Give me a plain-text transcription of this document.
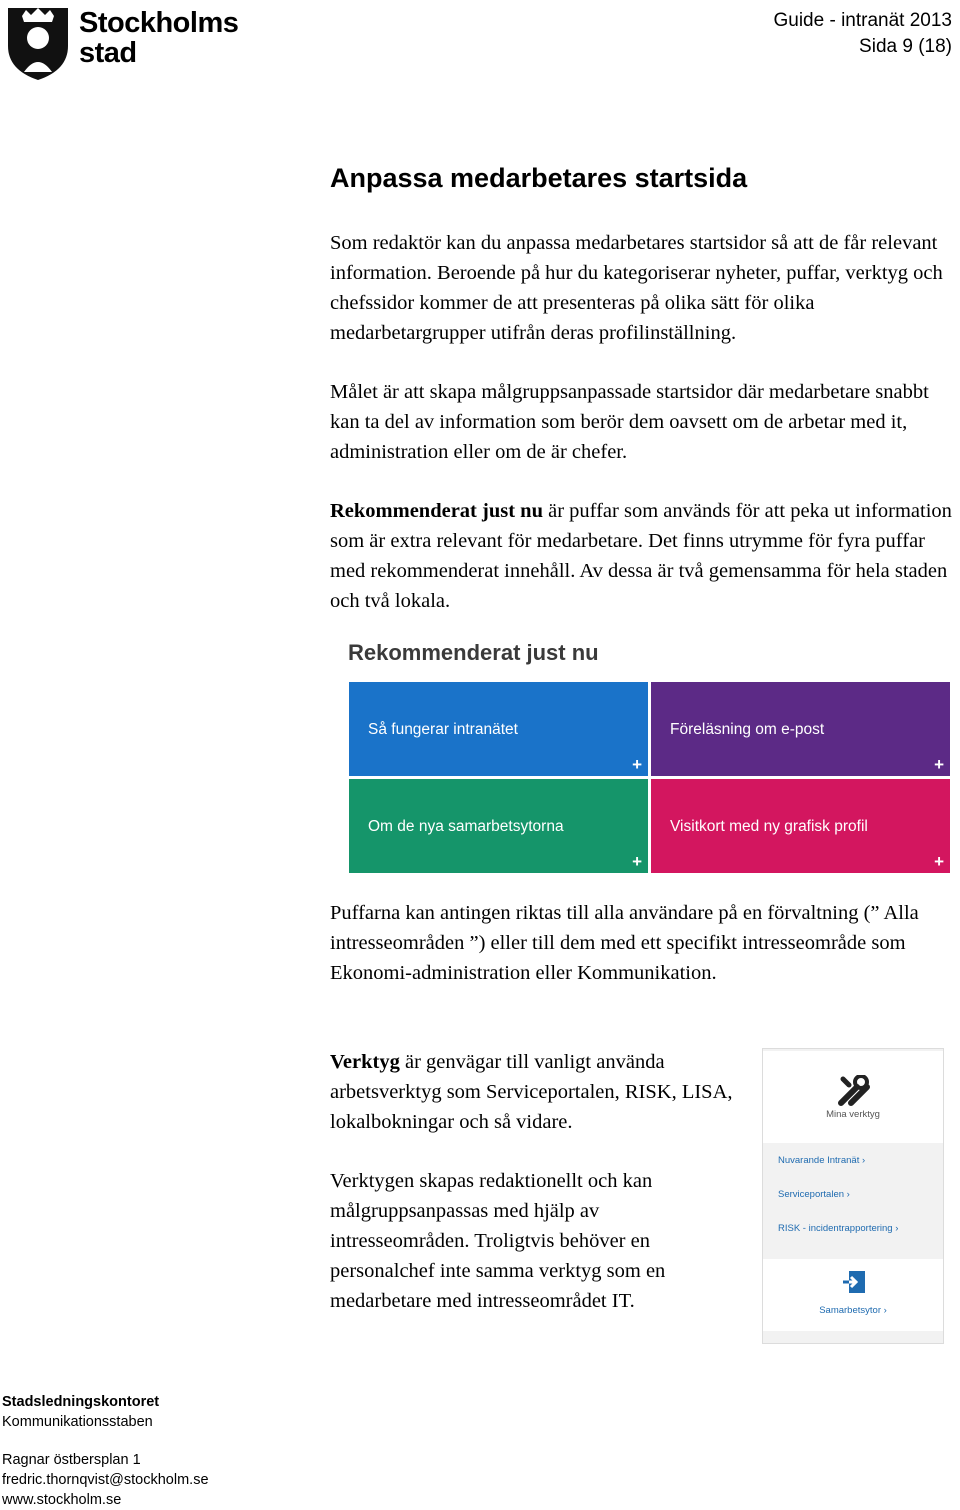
Stockholms
stad
Guide - intranät 2013
Sida 9 (18)
Anpassa medarbetares startsida
Som redaktör kan du anpassa medarbetares startsidor så att de får relevant information. Beroende på hur du kategoriserar nyheter, puffar, verktyg och chefssidor kommer de att presenteras på olika sätt för olika medarbetargrupper utifrån deras profilinställning.
Målet är att skapa målgruppsanpassade startsidor där medarbetare snabbt kan ta del av information som berör dem oavsett om de arbetar med it, administration eller om de är chefer.
Rekommenderat just nu är puffar som används för att peka ut information som är extra relevant för medarbetare. Det finns utrymme för fyra puffar med rekommenderat innehåll. Av dessa är två gemensamma för hela staden och två lokala.
Rekommenderat just nu
Så fungerar intranätet
+
Föreläsning om e-post
+
Om de nya samarbetsytorna
+
Visitkort med ny grafisk profil
+
Puffarna kan antingen riktas till alla användare på en förvaltning (” Alla intresseområden ”) eller till dem med ett specifikt intresseområde som Ekonomi-administration eller Kommunikation.
Verktyg är genvägar till vanligt använda arbetsverktyg som Serviceportalen, RISK, LISA, lokalbokningar och så vidare.
Verktygen skapas redaktionellt och kan målgruppsanpassas med hjälp av intresseområden. Troligtvis behöver en personalchef inte samma verktyg som en medarbetare med intresseområdet IT.
Mina verktyg
Nuvarande Intranät ›
Serviceportalen ›
RISK - incidentrapportering ›
Samarbetsytor ›
Stadsledningskontoret
Kommunikationsstaben
Ragnar östbersplan 1
fredric.thornqvist@stockholm.se
www.stockholm.se
